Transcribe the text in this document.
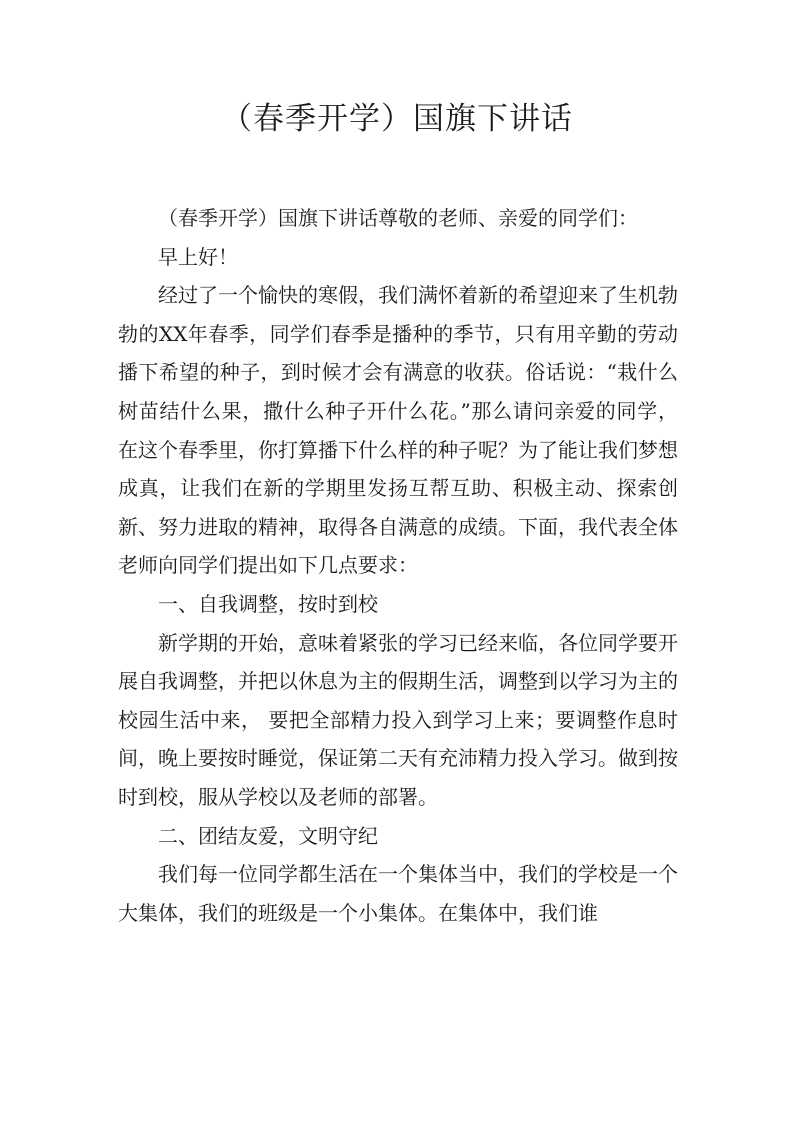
（春季开学）国旗下讲话

（春季开学）国旗下讲话尊敬的老师、亲爱的同学们：

早上好！

经过了一个愉快的寒假，我们满怀着新的希望迎来了生机勃勃的XX年春季，同学们春季是播种的季节，只有用辛勤的劳动播下希望的种子，到时候才会有满意的收获。俗话说：“栽什么树苗结什么果，撒什么种子开什么花。”那么请问亲爱的同学，在这个春季里，你打算播下什么样的种子呢？为了能让我们梦想成真，让我们在新的学期里发扬互帮互助、积极主动、探索创新、努力进取的精神，取得各自满意的成绩。下面，我代表全体老师向同学们提出如下几点要求：

一、自我调整，按时到校

新学期的开始，意味着紧张的学习已经来临，各位同学要开展自我调整，并把以休息为主的假期生活，调整到以学习为主的校园生活中来， 要把全部精力投入到学习上来；要调整作息时间，晚上要按时睡觉，保证第二天有充沛精力投入学习。做到按时到校，服从学校以及老师的部署。

二、团结友爱，文明守纪

我们每一位同学都生活在一个集体当中，我们的学校是一个大集体，我们的班级是一个小集体。在集体中，我们谁
